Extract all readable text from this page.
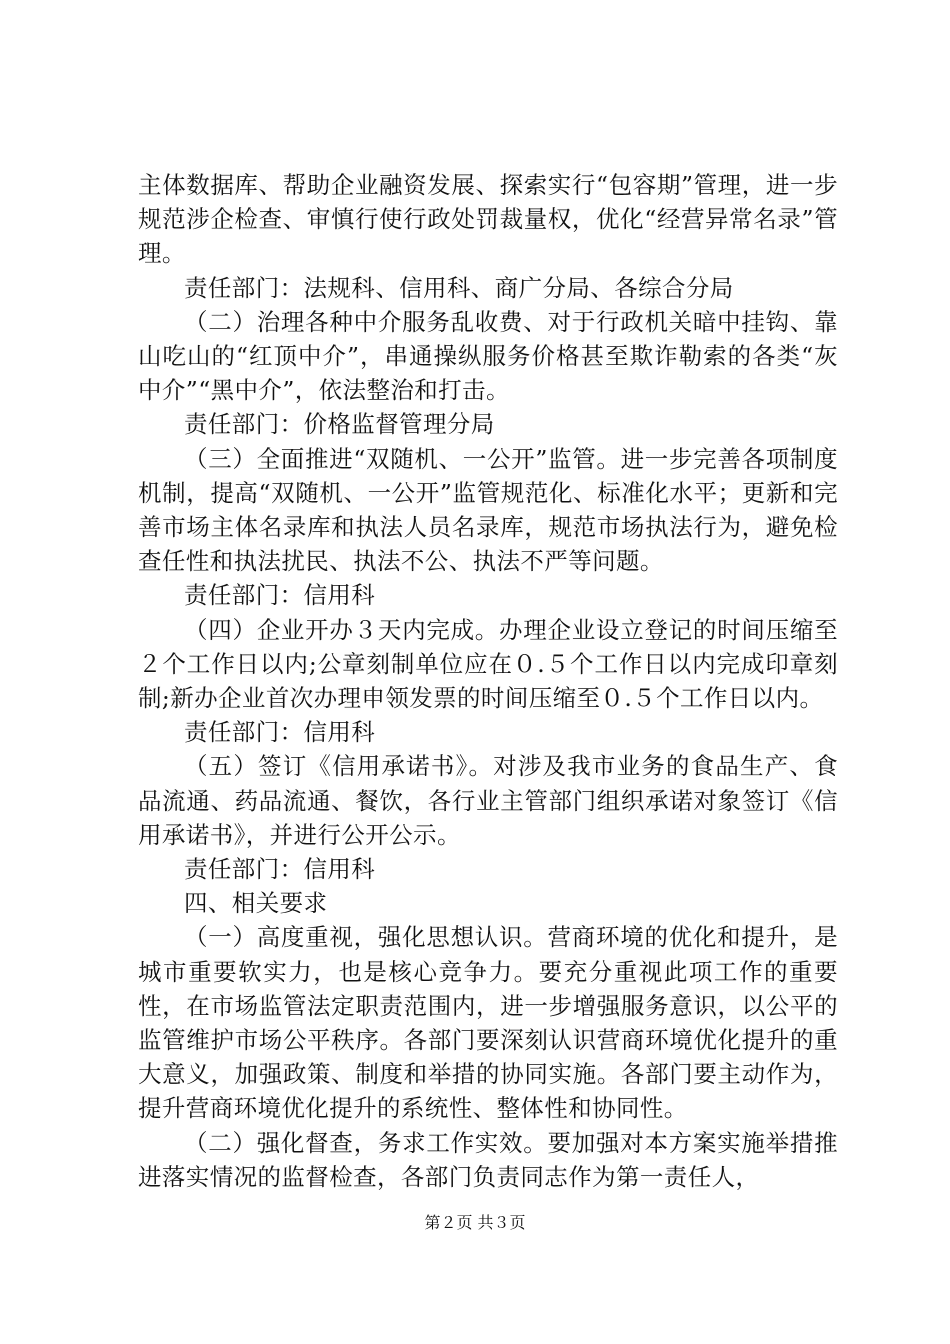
主体数据库、帮助企业融资发展、探索实行“包容期”管理，进一步规范涉企检查、审慎行使行政处罚裁量权，优化“经营异常名录”管理。

责任部门：法规科、信用科、商广分局、各综合分局

（二）治理各种中介服务乱收费、对于行政机关暗中挂钩、靠山吃山的“红顶中介”，串通操纵服务价格甚至欺诈勒索的各类“灰中介”“黑中介”，依法整治和打击。

责任部门：价格监督管理分局

（三）全面推进“双随机、一公开”监管。进一步完善各项制度机制，提高“双随机、一公开”监管规范化、标准化水平；更新和完善市场主体名录库和执法人员名录库，规范市场执法行为，避免检查任性和执法扰民、执法不公、执法不严等问题。

责任部门：信用科

（四）企业开办３天内完成。办理企业设立登记的时间压缩至２个工作日以内;公章刻制单位应在０.５个工作日以内完成印章刻制;新办企业首次办理申领发票的时间压缩至０.５个工作日以内。

责任部门：信用科

（五）签订《信用承诺书》。对涉及我市业务的食品生产、食品流通、药品流通、餐饮，各行业主管部门组织承诺对象签订《信用承诺书》，并进行公开公示。

责任部门：信用科

四、相关要求

（一）高度重视，强化思想认识。营商环境的优化和提升，是城市重要软实力，也是核心竞争力。要充分重视此项工作的重要性，在市场监管法定职责范围内，进一步增强服务意识，以公平的监管维护市场公平秩序。各部门要深刻认识营商环境优化提升的重大意义，加强政策、制度和举措的协同实施。各部门要主动作为，提升营商环境优化提升的系统性、整体性和协同性。

（二）强化督查，务求工作实效。要加强对本方案实施举措推进落实情况的监督检查，各部门负责同志作为第一责任人，

第２页 共３页
